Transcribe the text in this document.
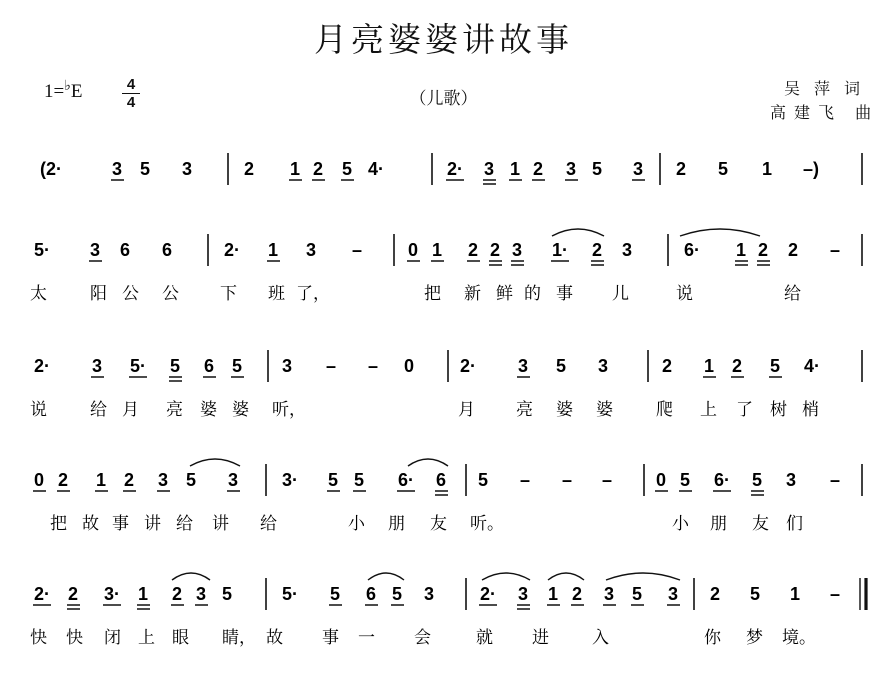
月亮婆婆讲故事
1=♭E	4
4	（儿歌）
吴萍词
高建飞 曲
(2·	3 5 3	2 1 2 5 4·	2· 3 1 2 3 5 3 2 5 1 –)
5· 3 6 6	2· 1 3 –	0 1 2 2 3 1· 2 3	6· 1 2 2 –
太	阳 公 公 下 班 了，	把 新 鲜 的 事 儿	说	给
2· 3 5· 5 6 5 3 – – 0	2· 3 5 3	2 1 2 5 4·
说	给 月 亮 婆 婆 听，	月 亮 婆 婆	爬 上 了 树 梢
0 2 1 2 3 5 3 3· 5 5 6· 6 5 – – – 0 5 6· 5 3 –
把 故 事 讲 给 讲 给	小 朋 友 听。	小 朋 友 们
2· 2 3· 1 2 3 5	5· 5 6 5 3	2· 3 1 2 3 5 3 2 5 1 –
快 快 闭 上 眼 睛， 故 事 一 会	就 进	入	你 梦 境。
